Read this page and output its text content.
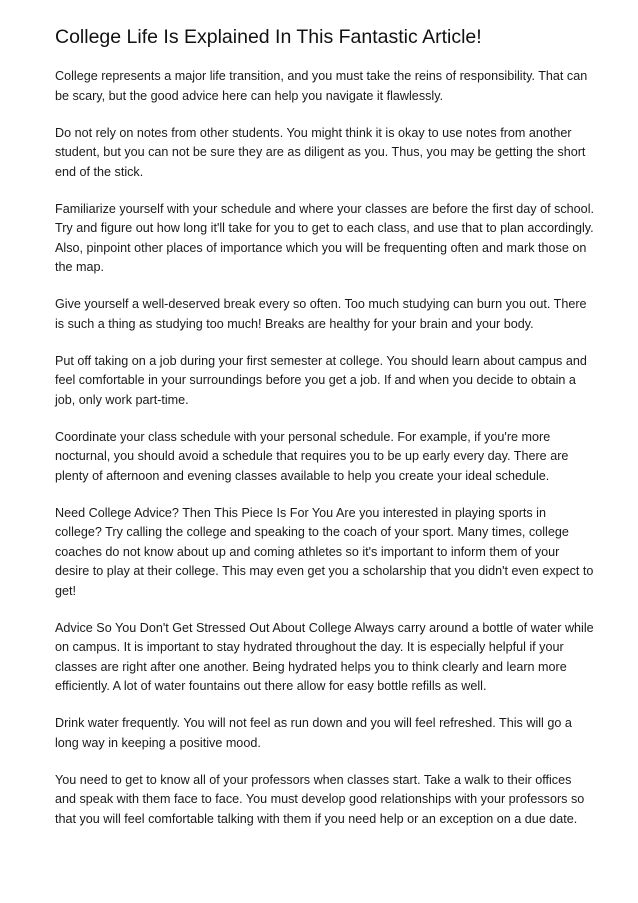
College Life Is Explained In This Fantastic Article!

College represents a major life transition, and you must take the reins of responsibility. That can be scary, but the good advice here can help you navigate it flawlessly.

Do not rely on notes from other students. You might think it is okay to use notes from another student, but you can not be sure they are as diligent as you. Thus, you may be getting the short end of the stick.

Familiarize yourself with your schedule and where your classes are before the first day of school. Try and figure out how long it'll take for you to get to each class, and use that to plan accordingly. Also, pinpoint other places of importance which you will be frequenting often and mark those on the map.

Give yourself a well-deserved break every so often. Too much studying can burn you out. There is such a thing as studying too much! Breaks are healthy for your brain and your body.

Put off taking on a job during your first semester at college. You should learn about campus and feel comfortable in your surroundings before you get a job. If and when you decide to obtain a job, only work part-time.

Coordinate your class schedule with your personal schedule. For example, if you're more nocturnal, you should avoid a schedule that requires you to be up early every day. There are plenty of afternoon and evening classes available to help you create your ideal schedule.

Need College Advice? Then This Piece Is For You Are you interested in playing sports in college? Try calling the college and speaking to the coach of your sport. Many times, college coaches do not know about up and coming athletes so it's important to inform them of your desire to play at their college. This may even get you a scholarship that you didn't even expect to get!

Advice So You Don't Get Stressed Out About College Always carry around a bottle of water while on campus. It is important to stay hydrated throughout the day. It is especially helpful if your classes are right after one another. Being hydrated helps you to think clearly and learn more efficiently. A lot of water fountains out there allow for easy bottle refills as well.

Drink water frequently. You will not feel as run down and you will feel refreshed. This will go a long way in keeping a positive mood.

You need to get to know all of your professors when classes start. Take a walk to their offices and speak with them face to face. You must develop good relationships with your professors so that you will feel comfortable talking with them if you need help or an exception on a due date.
